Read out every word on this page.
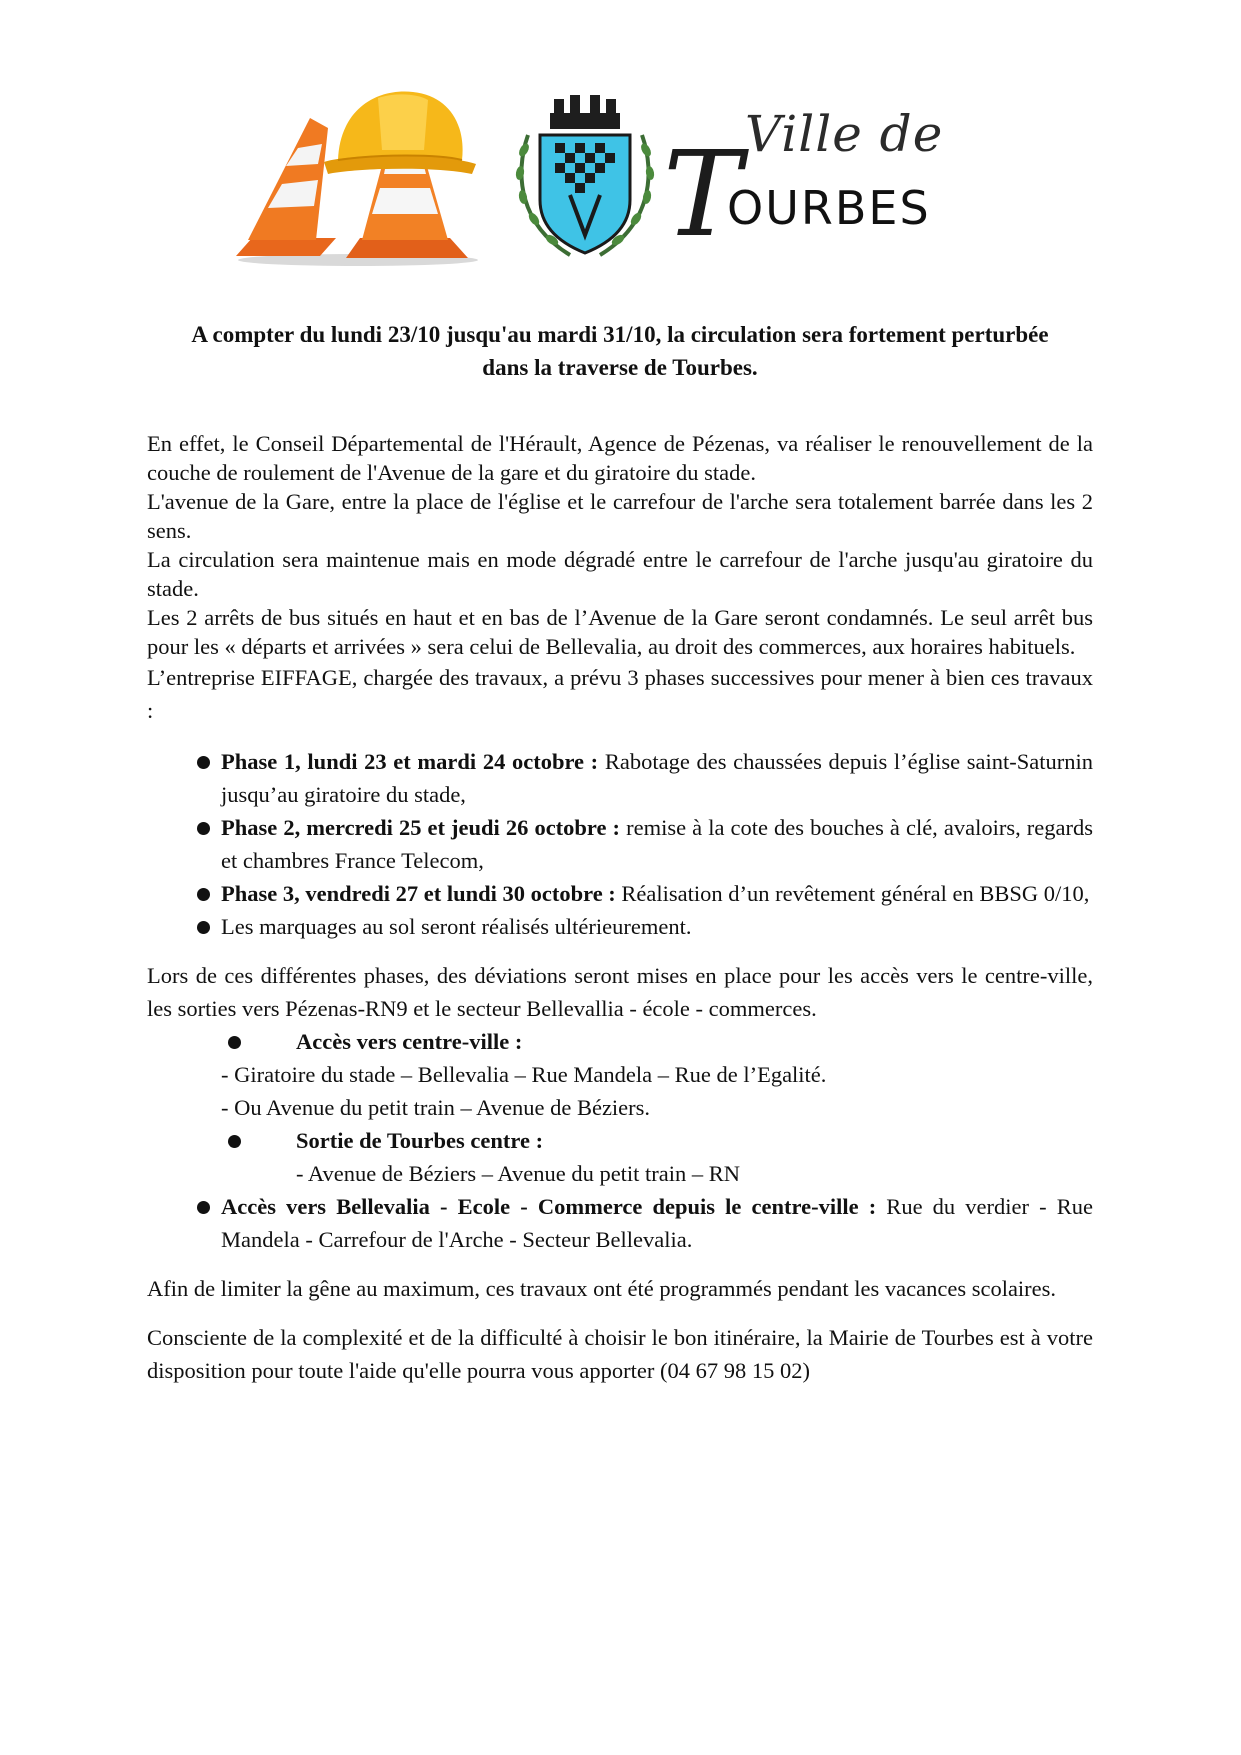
Ville de
T
OURBES

A compter du lundi 23/10 jusqu'au mardi 31/10, la circulation sera fortement perturbée
dans la traverse de Tourbes.

En effet, le Conseil Départemental de l'Hérault, Agence de Pézenas, va réaliser le renouvellement de la couche de roulement de l'Avenue de la gare et du giratoire du stade.

L'avenue de la Gare, entre la place de l'église et le carrefour de l'arche sera totalement barrée dans les 2 sens.

La circulation sera maintenue mais en mode dégradé entre le carrefour de l'arche jusqu'au giratoire du stade.

Les 2 arrêts de bus situés en haut et en bas de l’Avenue de la Gare seront condamnés. Le seul arrêt bus pour les « départs et arrivées » sera celui de Bellevalia, au droit des commerces, aux horaires habituels.

L’entreprise EIFFAGE, chargée des travaux, a prévu 3 phases successives pour mener à bien ces travaux :

Phase 1, lundi 23 et mardi 24 octobre : Rabotage des chaussées depuis l’église saint-Saturnin jusqu’au giratoire du stade,
Phase 2, mercredi 25 et jeudi 26 octobre : remise à la cote des bouches à clé, avaloirs, regards et chambres France Telecom,
Phase 3, vendredi 27 et lundi 30 octobre : Réalisation d’un revêtement général en BBSG 0/10,
Les marquages au sol seront réalisés ultérieurement.

Lors de ces différentes phases, des déviations seront mises en place pour les accès vers le centre-ville, les sorties vers Pézenas-RN9 et le secteur Bellevallia - école - commerces.

Accès vers centre-ville :
- Giratoire du stade – Bellevalia – Rue Mandela – Rue de l’Egalité.
- Ou Avenue du petit train – Avenue de Béziers.
Sortie de Tourbes centre :
- Avenue de Béziers – Avenue du petit train – RN
Accès vers Bellevalia - Ecole - Commerce depuis le centre-ville : Rue du verdier - Rue Mandela - Carrefour de l'Arche - Secteur Bellevalia.

Afin de limiter la gêne au maximum, ces travaux ont été programmés pendant les vacances scolaires.

Consciente de la complexité et de la difficulté à choisir le bon itinéraire, la Mairie de Tourbes est à votre disposition pour toute l'aide qu'elle pourra vous apporter (04 67 98 15 02)
